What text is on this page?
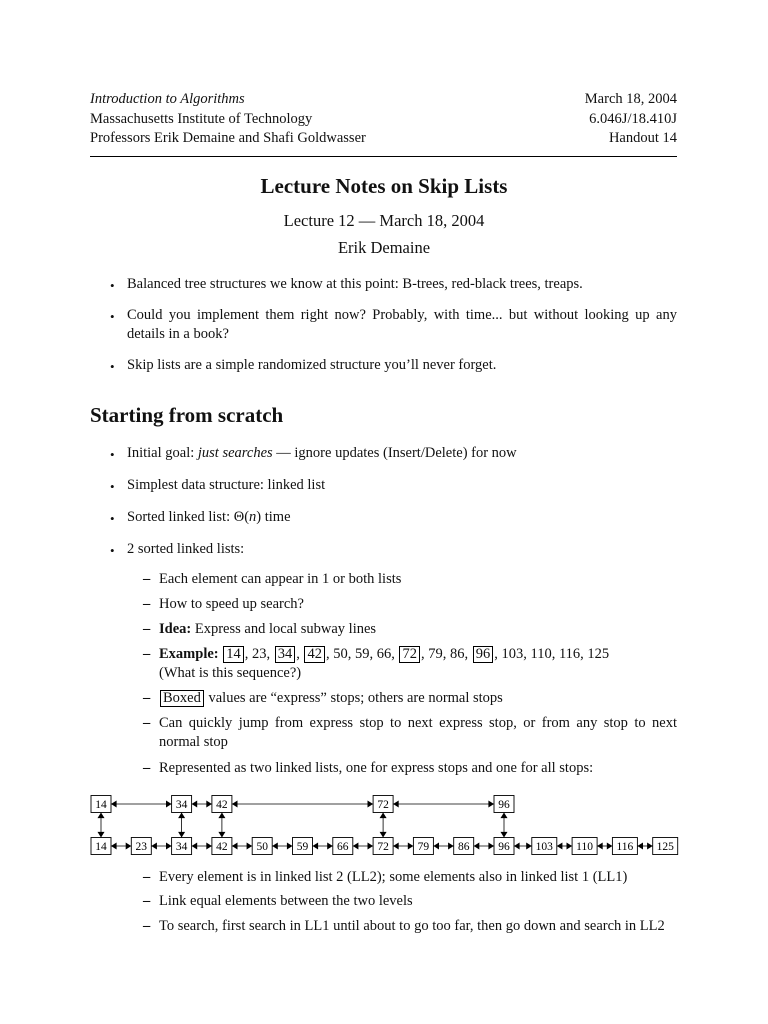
Introduction to Algorithms	March 18, 2004
Massachusetts Institute of Technology	6.046J/18.410J
Professors Erik Demaine and Shafi Goldwasser	Handout 14
Lecture Notes on Skip Lists
Lecture 12 — March 18, 2004
Erik Demaine
• Balanced tree structures we know at this point: B-trees, red-black trees, treaps.
• Could you implement them right now? Probably, with time... but without looking up any details in a book?
• Skip lists are a simple randomized structure you’ll never forget.
Starting from scratch
• Initial goal: just searches — ignore updates (Insert/Delete) for now
• Simplest data structure: linked list
• Sorted linked list: Θ(n) time
• 2 sorted linked lists:
– Each element can appear in 1 or both lists
– How to speed up search?
– Idea: Express and local subway lines
– Example: 14 , 23, 34 , 42 , 50, 59, 66, 72 , 79, 86, 96 , 103, 110, 116, 125
(What is this sequence?)
– Boxed values are “express” stops; others are normal stops
– Can quickly jump from express stop to next express stop, or from any stop to next normal stop
– Represented as two linked lists, one for express stops and one for all stops:
– Every element is in linked list 2 (LL2); some elements also in linked list 1 (LL1)
– Link equal elements between the two levels
– To search, first search in LL1 until about to go too far, then go down and search in LL2
14	23	34	42	50	59	66	72	79	86	96 103 110 116 125
14	34	42	72	96
